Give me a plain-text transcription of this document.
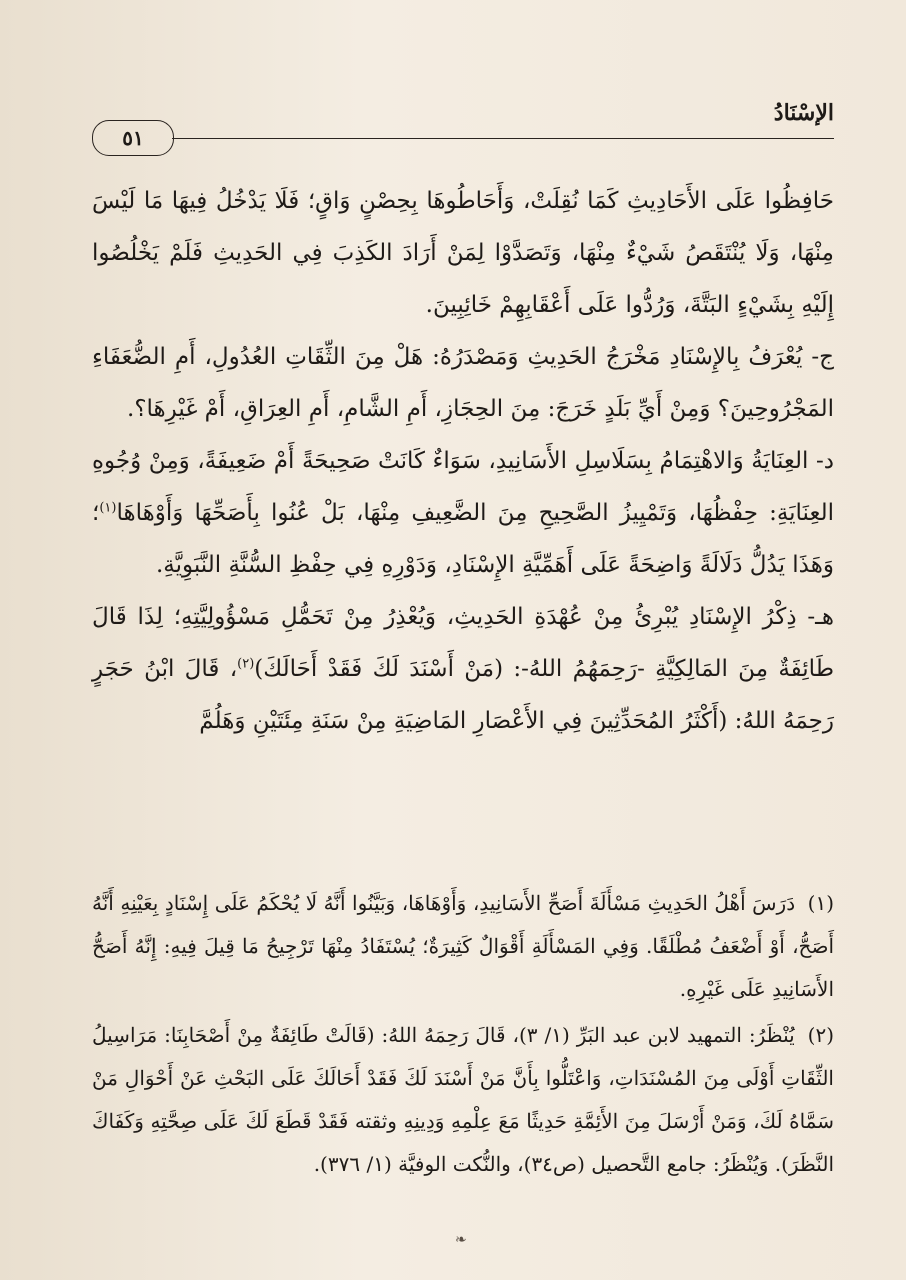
الإسْنَادُ
٥١

حَافِظُوا عَلَى الأَحَادِيثِ كَمَا نُقِلَتْ، وَأَحَاطُوهَا بِحِصْنٍ وَاقٍ؛ فَلَا يَدْخُلُ فِيهَا مَا لَيْسَ مِنْهَا، وَلَا يُنْتَقَصُ شَيْءٌ مِنْهَا، وَتَصَدَّوْا لِمَنْ أَرَادَ الكَذِبَ فِي الحَدِيثِ فَلَمْ يَخْلُصُوا إِلَيْهِ بِشَيْءٍ البَتَّةَ، وَرُدُّوا عَلَى أَعْقَابِهِمْ خَائِبِينَ.

ج- يُعْرَفُ بِالإِسْنَادِ مَخْرَجُ الحَدِيثِ وَمَصْدَرُهُ: هَلْ مِنَ الثِّقَاتِ العُدُولِ، أَمِ الضُّعَفَاءِ المَجْرُوحِينَ؟ وَمِنْ أَيِّ بَلَدٍ خَرَجَ: مِنَ الحِجَازِ، أَمِ الشَّامِ، أَمِ العِرَاقِ، أَمْ غَيْرِهَا؟.

د- العِنَايَةُ وَالاهْتِمَامُ بِسَلَاسِلِ الأَسَانِيدِ، سَوَاءٌ كَانَتْ صَحِيحَةً أَمْ ضَعِيفَةً، وَمِنْ وُجُوهِ العِنَايَةِ: حِفْظُهَا، وَتَمْيِيزُ الصَّحِيحِ مِنَ الضَّعِيفِ مِنْهَا، بَلْ عُنُوا بِأَصَحِّهَا وَأَوْهَاهَا$^{(١)}$؛ وَهَذَا يَدُلُّ دَلَالَةً وَاضِحَةً عَلَى أَهَمِّيَّةِ الإِسْنَادِ، وَدَوْرِهِ فِي حِفْظِ السُّنَّةِ النَّبَوِيَّةِ.

هـ- ذِكْرُ الإِسْنَادِ يُبْرِئُ مِنْ عُهْدَةِ الحَدِيثِ، وَيُعْذِرُ مِنْ تَحَمُّلِ مَسْؤُولِيَّتِهِ؛ لِذَا قَالَ طَائِفَةٌ مِنَ المَالِكِيَّةِ -رَحِمَهُمُ اللهُ-: (مَنْ أَسْنَدَ لَكَ فَقَدْ أَحَالَكَ)$^{(٢)}$، قَالَ ابْنُ حَجَرٍ رَحِمَهُ اللهُ: (أَكْثَرُ المُحَدِّثِينَ فِي الأَعْصَارِ المَاضِيَةِ مِنْ سَنَةِ مِئَتَيْنِ وَهَلُمَّ

(١) دَرَسَ أَهْلُ الحَدِيثِ مَسْأَلَةَ أَصَحِّ الأَسَانِيدِ، وَأَوْهَاهَا، وَبَيَّنُوا أَنَّهُ لَا يُحْكَمُ عَلَى إِسْنَادٍ بِعَيْنِهِ أَنَّهُ أَصَحُّ، أَوْ أَضْعَفُ مُطْلَقًا. وَفِي المَسْأَلَةِ أَقْوَالٌ كَثِيرَةٌ؛ يُسْتَفَادُ مِنْهَا تَرْجِيحُ مَا قِيلَ فِيهِ: إِنَّهُ أَصَحُّ الأَسَانِيدِ عَلَى غَيْرِهِ.

(٢) يُنْظَرُ: التمهيد لابن عبد البَرِّ (١/ ٣)، قَالَ رَحِمَهُ اللهُ: (قَالَتْ طَائِفَةٌ مِنْ أَصْحَابِنَا: مَرَاسِيلُ الثِّقَاتِ أَوْلَى مِنَ المُسْنَدَاتِ، وَاعْتَلُّوا بِأَنَّ مَنْ أَسْنَدَ لَكَ فَقَدْ أَحَالَكَ عَلَى البَحْثِ عَنْ أَحْوَالِ مَنْ سَمَّاهُ لَكَ، وَمَنْ أَرْسَلَ مِنَ الأَئِمَّةِ حَدِيثًا مَعَ عِلْمِهِ وَدِينِهِ وثقته فَقَدْ قَطَعَ لَكَ عَلَى صِحَّتِهِ وَكَفَاكَ النَّظَرَ). وَيُنْظَرُ: جامع التَّحصيل (ص٣٤)، والنُّكت الوفيَّة (١/ ٣٧٦).

❧
